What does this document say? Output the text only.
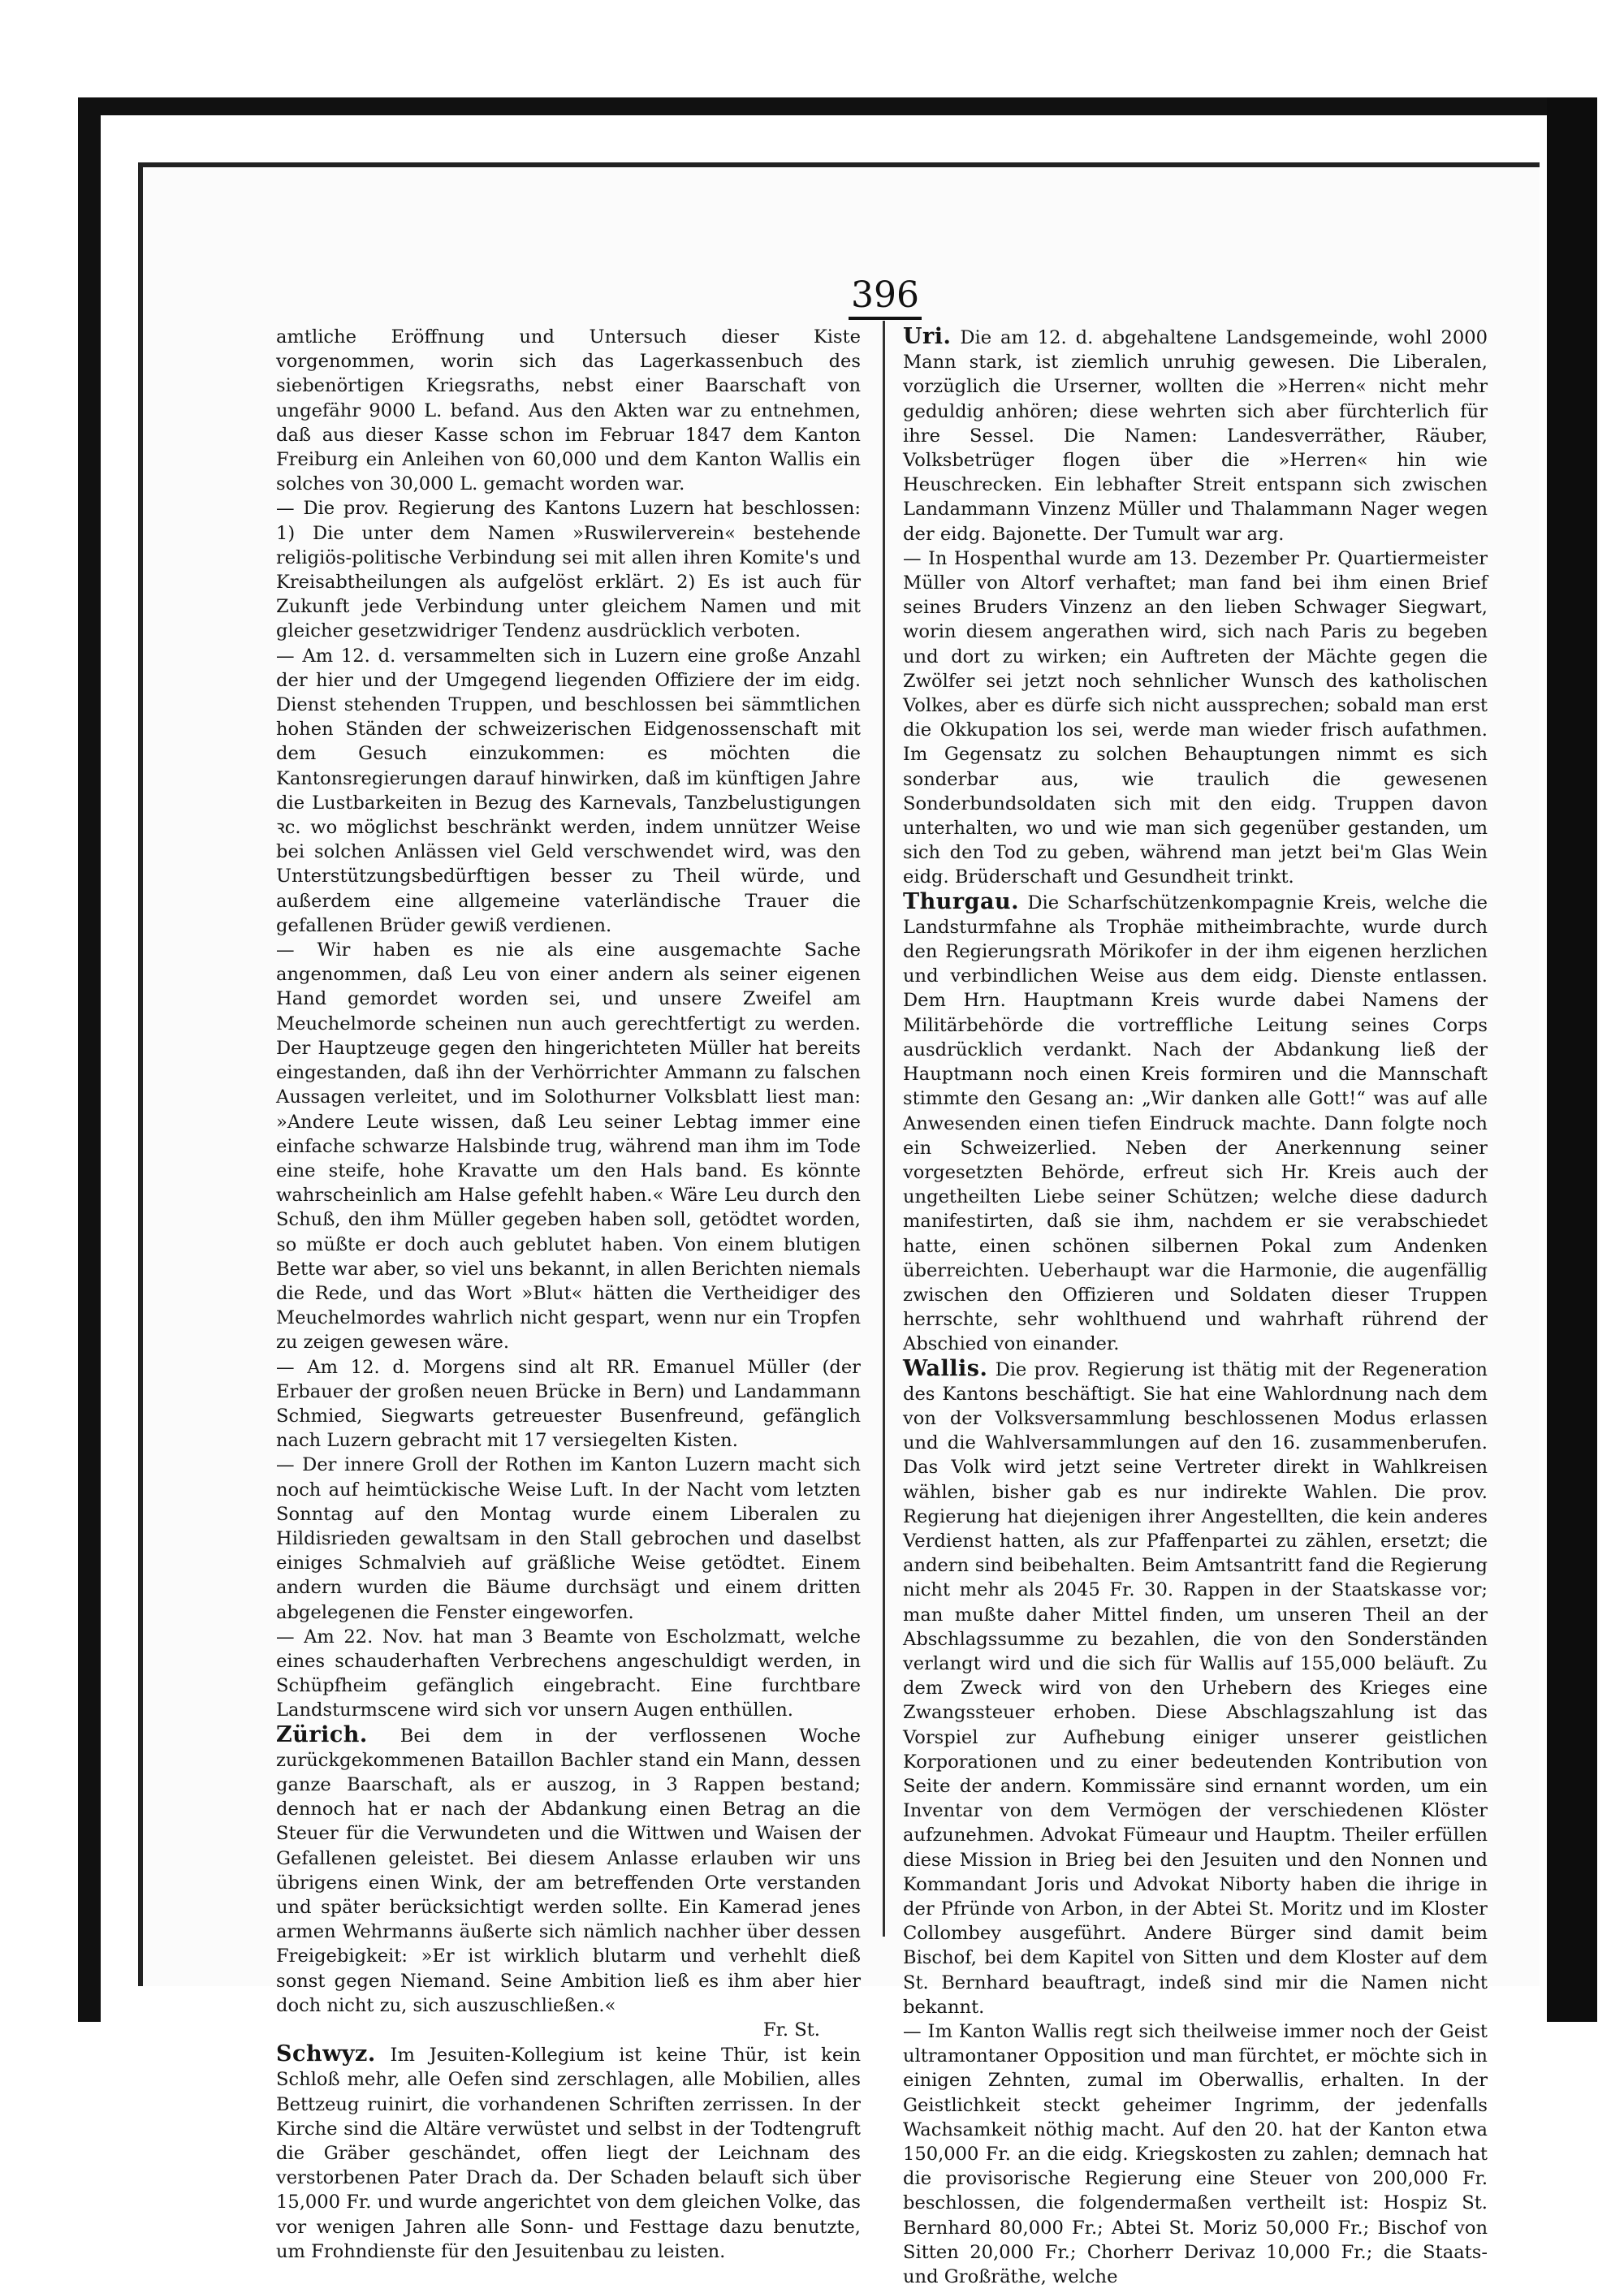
396

amtliche Eröffnung und Untersuch dieser Kiste vorgenommen, worin sich das Lagerkassenbuch des siebenörtigen Kriegsraths, nebst einer Baarschaft von ungefähr 9000 L. befand. Aus den Akten war zu entnehmen, daß aus dieser Kasse schon im Februar 1847 dem Kanton Freiburg ein Anleihen von 60,000 und dem Kanton Wallis ein solches von 30,000 L. gemacht worden war.

— Die prov. Regierung des Kantons Luzern hat beschlossen: 1) Die unter dem Namen »Ruswilerverein« bestehende religiös-politische Verbindung sei mit allen ihren Komite's und Kreisabtheilungen als aufgelöst erklärt. 2) Es ist auch für Zukunft jede Verbindung unter gleichem Namen und mit gleicher gesetzwidriger Tendenz ausdrücklich verboten.

— Am 12. d. versammelten sich in Luzern eine große Anzahl der hier und der Umgegend liegenden Offiziere der im eidg. Dienst stehenden Truppen, und beschlossen bei sämmtlichen hohen Ständen der schweizerischen Eidgenossenschaft mit dem Gesuch einzukommen: es möchten die Kantonsregierungen darauf hinwirken, daß im künftigen Jahre die Lustbarkeiten in Bezug des Karnevals, Tanzbelustigungen ꝛc. wo möglichst beschränkt werden, indem unnützer Weise bei solchen Anlässen viel Geld verschwendet wird, was den Unterstützungsbedürftigen besser zu Theil würde, und außerdem eine allgemeine vaterländische Trauer die gefallenen Brüder gewiß verdienen.

— Wir haben es nie als eine ausgemachte Sache angenommen, daß Leu von einer andern als seiner eigenen Hand gemordet worden sei, und unsere Zweifel am Meuchelmorde scheinen nun auch gerechtfertigt zu werden. Der Hauptzeuge gegen den hingerichteten Müller hat bereits eingestanden, daß ihn der Verhörrichter Ammann zu falschen Aussagen verleitet, und im Solothurner Volksblatt liest man: »Andere Leute wissen, daß Leu seiner Lebtag immer eine einfache schwarze Halsbinde trug, während man ihm im Tode eine steife, hohe Kravatte um den Hals band. Es könnte wahrscheinlich am Halse gefehlt haben.« Wäre Leu durch den Schuß, den ihm Müller gegeben haben soll, getödtet worden, so müßte er doch auch geblutet haben. Von einem blutigen Bette war aber, so viel uns bekannt, in allen Berichten niemals die Rede, und das Wort »Blut« hätten die Vertheidiger des Meuchelmordes wahrlich nicht gespart, wenn nur ein Tropfen zu zeigen gewesen wäre.

— Am 12. d. Morgens sind alt RR. Emanuel Müller (der Erbauer der großen neuen Brücke in Bern) und Landammann Schmied, Siegwarts getreuester Busenfreund, gefänglich nach Luzern gebracht mit 17 versiegelten Kisten.

— Der innere Groll der Rothen im Kanton Luzern macht sich noch auf heimtückische Weise Luft. In der Nacht vom letzten Sonntag auf den Montag wurde einem Liberalen zu Hildisrieden gewaltsam in den Stall gebrochen und daselbst einiges Schmalvieh auf gräßliche Weise getödtet. Einem andern wurden die Bäume durchsägt und einem dritten abgelegenen die Fenster eingeworfen.

— Am 22. Nov. hat man 3 Beamte von Escholzmatt, welche eines schauderhaften Verbrechens angeschuldigt werden, in Schüpfheim gefänglich eingebracht. Eine furchtbare Landsturmscene wird sich vor unsern Augen enthüllen.

Zürich. Bei dem in der verflossenen Woche zurückgekommenen Bataillon Bachler stand ein Mann, dessen ganze Baarschaft, als er auszog, in 3 Rappen bestand; dennoch hat er nach der Abdankung einen Betrag an die Steuer für die Verwundeten und die Wittwen und Waisen der Gefallenen geleistet. Bei diesem Anlasse erlauben wir uns übrigens einen Wink, der am betreffenden Orte verstanden und später berücksichtigt werden sollte. Ein Kamerad jenes armen Wehrmanns äußerte sich nämlich nachher über dessen Freigebigkeit: »Er ist wirklich blutarm und verhehlt dieß sonst gegen Niemand. Seine Ambition ließ es ihm aber hier doch nicht zu, sich auszuschließen.«

Fr. St.

Schwyz. Im Jesuiten-Kollegium ist keine Thür, ist kein Schloß mehr, alle Oefen sind zerschlagen, alle Mobilien, alles Bettzeug ruinirt, die vorhandenen Schriften zerrissen. In der Kirche sind die Altäre verwüstet und selbst in der Todtengruft die Gräber geschändet, offen liegt der Leichnam des verstorbenen Pater Drach da. Der Schaden belauft sich über 15,000 Fr. und wurde angerichtet von dem gleichen Volke, das vor wenigen Jahren alle Sonn- und Festtage dazu benutzte, um Frohndienste für den Jesuitenbau zu leisten.

Uri. Die am 12. d. abgehaltene Landsgemeinde, wohl 2000 Mann stark, ist ziemlich unruhig gewesen. Die Liberalen, vorzüglich die Urserner, wollten die »Herren« nicht mehr geduldig anhören; diese wehrten sich aber fürchterlich für ihre Sessel. Die Namen: Landesverräther, Räuber, Volksbetrüger flogen über die »Herren« hin wie Heuschrecken. Ein lebhafter Streit entspann sich zwischen Landammann Vinzenz Müller und Thalammann Nager wegen der eidg. Bajonette. Der Tumult war arg.

— In Hospenthal wurde am 13. Dezember Pr. Quartiermeister Müller von Altorf verhaftet; man fand bei ihm einen Brief seines Bruders Vinzenz an den lieben Schwager Siegwart, worin diesem angerathen wird, sich nach Paris zu begeben und dort zu wirken; ein Auftreten der Mächte gegen die Zwölfer sei jetzt noch sehnlicher Wunsch des katholischen Volkes, aber es dürfe sich nicht aussprechen; sobald man erst die Okkupation los sei, werde man wieder frisch aufathmen. Im Gegensatz zu solchen Behauptungen nimmt es sich sonderbar aus, wie traulich die gewesenen Sonderbundsoldaten sich mit den eidg. Truppen davon unterhalten, wo und wie man sich gegenüber gestanden, um sich den Tod zu geben, während man jetzt bei'm Glas Wein eidg. Brüderschaft und Gesundheit trinkt.

Thurgau. Die Scharfschützenkompagnie Kreis, welche die Landsturmfahne als Trophäe mitheimbrachte, wurde durch den Regierungsrath Mörikofer in der ihm eigenen herzlichen und verbindlichen Weise aus dem eidg. Dienste entlassen. Dem Hrn. Hauptmann Kreis wurde dabei Namens der Militärbehörde die vortreffliche Leitung seines Corps ausdrücklich verdankt. Nach der Abdankung ließ der Hauptmann noch einen Kreis formiren und die Mannschaft stimmte den Gesang an: „Wir danken alle Gott!“ was auf alle Anwesenden einen tiefen Eindruck machte. Dann folgte noch ein Schweizerlied. Neben der Anerkennung seiner vorgesetzten Behörde, erfreut sich Hr. Kreis auch der ungetheilten Liebe seiner Schützen; welche diese dadurch manifestirten, daß sie ihm, nachdem er sie verabschiedet hatte, einen schönen silbernen Pokal zum Andenken überreichten. Ueberhaupt war die Harmonie, die augenfällig zwischen den Offizieren und Soldaten dieser Truppen herrschte, sehr wohlthuend und wahrhaft rührend der Abschied von einander.

Wallis. Die prov. Regierung ist thätig mit der Regeneration des Kantons beschäftigt. Sie hat eine Wahlordnung nach dem von der Volksversammlung beschlossenen Modus erlassen und die Wahlversammlungen auf den 16. zusammenberufen. Das Volk wird jetzt seine Vertreter direkt in Wahlkreisen wählen, bisher gab es nur indirekte Wahlen. Die prov. Regierung hat diejenigen ihrer Angestellten, die kein anderes Verdienst hatten, als zur Pfaffenpartei zu zählen, ersetzt; die andern sind beibehalten. Beim Amtsantritt fand die Regierung nicht mehr als 2045 Fr. 30. Rappen in der Staatskasse vor; man mußte daher Mittel finden, um unseren Theil an der Abschlagssumme zu bezahlen, die von den Sonderständen verlangt wird und die sich für Wallis auf 155,000 beläuft. Zu dem Zweck wird von den Urhebern des Krieges eine Zwangssteuer erhoben. Diese Abschlagszahlung ist das Vorspiel zur Aufhebung einiger unserer geistlichen Korporationen und zu einer bedeutenden Kontribution von Seite der andern. Kommissäre sind ernannt worden, um ein Inventar von dem Vermögen der verschiedenen Klöster aufzunehmen. Advokat Fümeaur und Hauptm. Theiler erfüllen diese Mission in Brieg bei den Jesuiten und den Nonnen und Kommandant Joris und Advokat Niborty haben die ihrige in der Pfründe von Arbon, in der Abtei St. Moritz und im Kloster Collombey ausgeführt. Andere Bürger sind damit beim Bischof, bei dem Kapitel von Sitten und dem Kloster auf dem St. Bernhard beauftragt, indeß sind mir die Namen nicht bekannt.

— Im Kanton Wallis regt sich theilweise immer noch der Geist ultramontaner Opposition und man fürchtet, er möchte sich in einigen Zehnten, zumal im Oberwallis, erhalten. In der Geistlichkeit steckt geheimer Ingrimm, der jedenfalls Wachsamkeit nöthig macht. Auf den 20. hat der Kanton etwa 150,000 Fr. an die eidg. Kriegskosten zu zahlen; demnach hat die provisorische Regierung eine Steuer von 200,000 Fr. beschlossen, die folgendermaßen vertheilt ist: Hospiz St. Bernhard 80,000 Fr.; Abtei St. Moriz 50,000 Fr.; Bischof von Sitten 20,000 Fr.; Chorherr Derivaz 10,000 Fr.; die Staats- und Großräthe, welche
